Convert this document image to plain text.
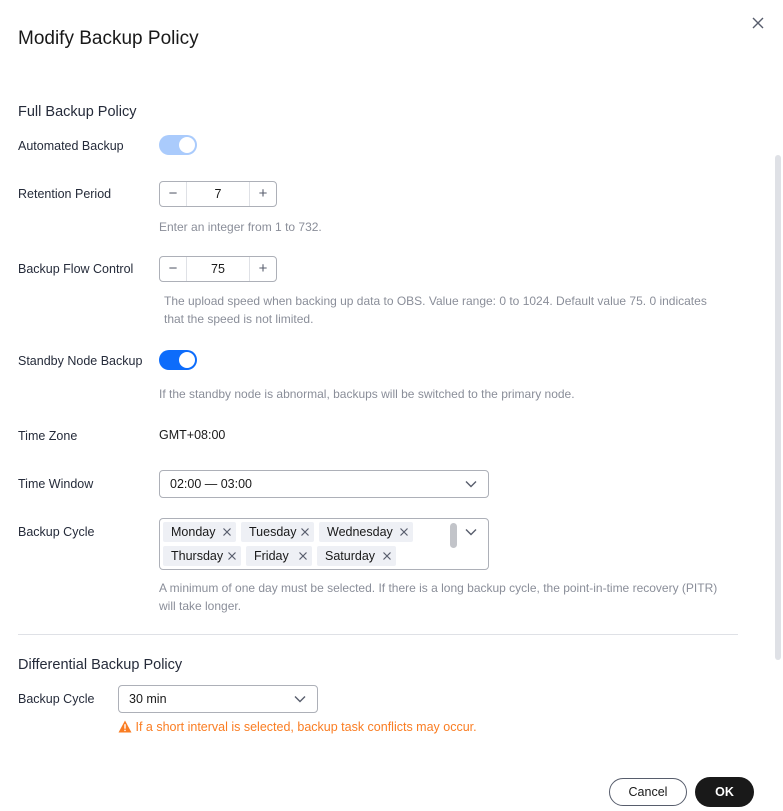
Modify Backup Policy
Full Backup Policy
Automated Backup
Retention Period	−	7	+
Enter an integer from 1 to 732.
Backup Flow Control	−	75	+
The upload speed when backing up data to OBS. Value range: 0 to 1024. Default value 75. 0 indicates
that the speed is not limited.
Standby Node Backup
If the standby node is abnormal, backups will be switched to the primary node.
Time Zone	GMT+08:00
Time Window	02:00 — 03:00
Backup Cycle	Monday	Tuesday	Wednesday
Thursday	Friday	Saturday
A minimum of one day must be selected. If there is a long backup cycle, the point-in-time recovery (PITR)
will take longer.
Differential Backup Policy
Backup Cycle	30 min
If a short interval is selected, backup task conflicts may occur.
Cancel	OK
